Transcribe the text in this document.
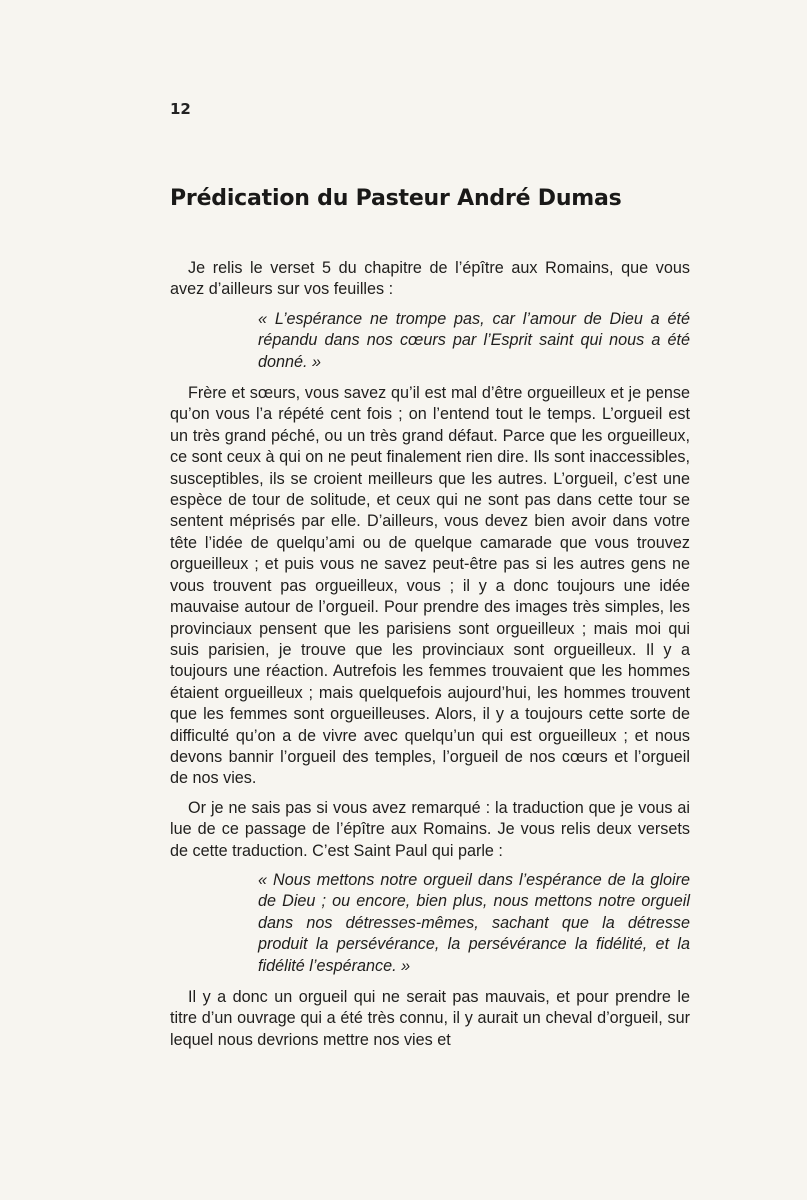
12
Prédication du Pasteur André Dumas

Je relis le verset 5 du chapitre de l’épître aux Romains, que vous avez d’ailleurs sur vos feuilles :

« L’espérance ne trompe pas, car l’amour de Dieu a été répandu dans nos cœurs par l’Esprit saint qui nous a été donné. »

Frère et sœurs, vous savez qu’il est mal d’être orgueilleux et je pense qu’on vous l’a répété cent fois ; on l’entend tout le temps. L’orgueil est un très grand péché, ou un très grand défaut. Parce que les orgueilleux, ce sont ceux à qui on ne peut finalement rien dire. Ils sont inaccessibles, susceptibles, ils se croient meilleurs que les autres. L’orgueil, c’est une espèce de tour de solitude, et ceux qui ne sont pas dans cette tour se sentent méprisés par elle. D’ailleurs, vous devez bien avoir dans votre tête l’idée de quelqu’ami ou de quelque camarade que vous trouvez orgueilleux ; et puis vous ne savez peut-être pas si les autres gens ne vous trouvent pas orgueilleux, vous ; il y a donc toujours une idée mauvaise autour de l’orgueil. Pour prendre des images très simples, les provinciaux pensent que les parisiens sont orgueilleux ; mais moi qui suis parisien, je trouve que les provinciaux sont orgueilleux. Il y a toujours une réaction. Autrefois les femmes trouvaient que les hommes étaient orgueilleux ; mais quelquefois aujourd’hui, les hommes trouvent que les femmes sont orgueilleuses. Alors, il y a toujours cette sorte de difficulté qu’on a de vivre avec quelqu’un qui est orgueilleux ; et nous devons bannir l’orgueil des temples, l’orgueil de nos cœurs et l’orgueil de nos vies.

Or je ne sais pas si vous avez remarqué : la traduction que je vous ai lue de ce passage de l’épître aux Romains. Je vous relis deux versets de cette traduction. C’est Saint Paul qui parle :

« Nous mettons notre orgueil dans l’espérance de la gloire de Dieu ; ou encore, bien plus, nous mettons notre orgueil dans nos détresses-mêmes, sachant que la détresse produit la persévérance, la persévérance la fidélité, et la fidélité l’espérance. »

Il y a donc un orgueil qui ne serait pas mauvais, et pour prendre le titre d’un ouvrage qui a été très connu, il y aurait un cheval d’orgueil, sur lequel nous devrions mettre nos vies et
